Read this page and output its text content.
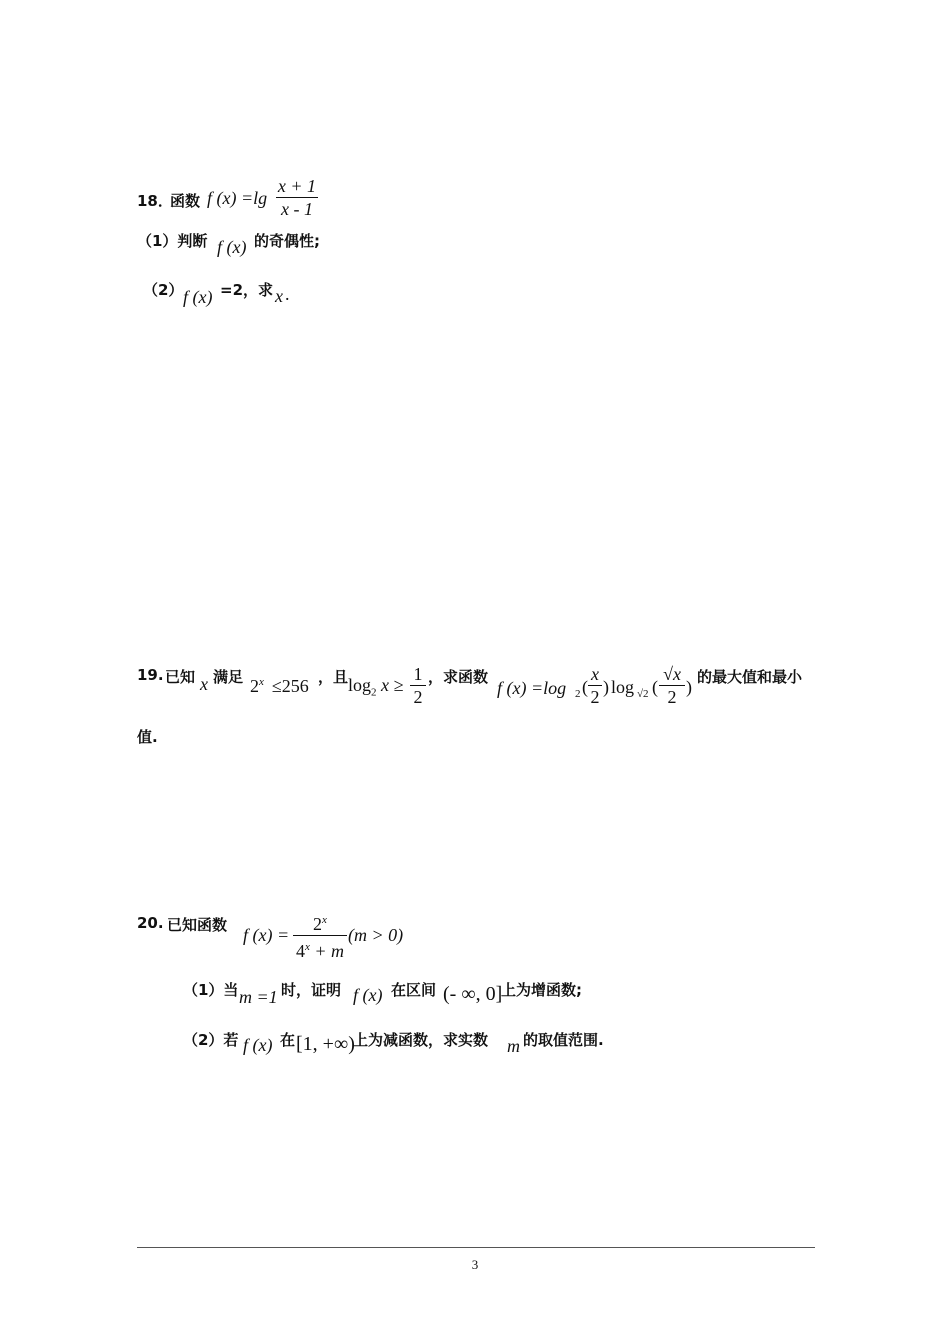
18．
函数 f (x) =lg
x + 1
x - 1
（1）判断 f (x) 的奇偶性;
（2） f (x) =2，求 x .
19. 已知 x 满足 $2^x \le 256$ ，且 $\log_2 x$ ≥
1
2
，求函数
f (x) =log 2 (
x
2 ) log √2 (
√x
2 ) 的最大值和最小
值.
20. 已知函数 f (x) =
$2^x$
$4^x + m$
(m > 0)
（1）当 m =1 时，证明 f (x) 在区间 (- ∞, 0]
上为增函数;
（2）若 f (x) 在 [1, +∞)
上为减函数，求实数 m 的取值范围.
3
